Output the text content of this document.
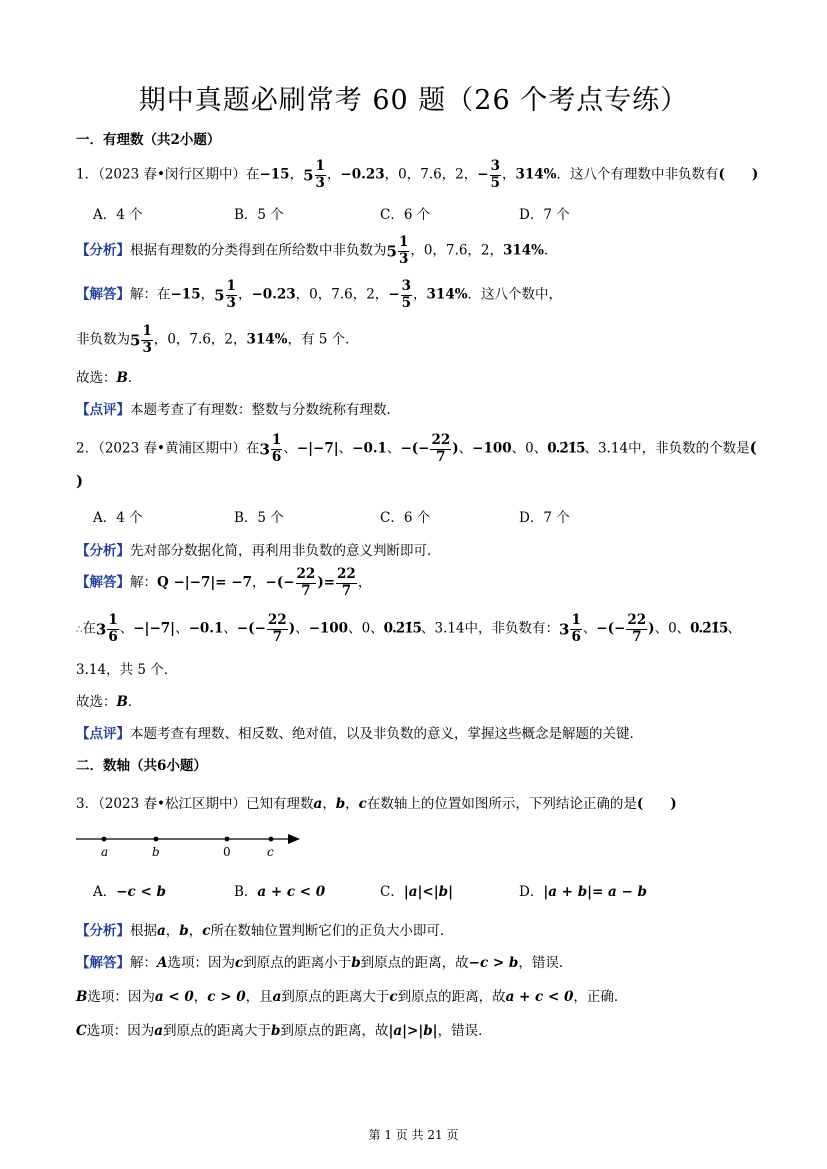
期中真题必刷常考 60 题（26 个考点专练）
一．有理数（共2小题）
1．（2023 春•闵行区期中）在−15，$5 \frac{1}{3}$ ，−0.23，0，7.6，2，− $\frac{3}{5}$ ，314%．这八个有理数中非负数有(　　)
A．4 个	B．5 个	C．6 个	D．7 个
【分析】根据有理数的分类得到在所给数中非负数为$5 \frac{1}{3}$ ，0，7.6，2，314%．
【解答】解：在−15，$5 \frac{1}{3}$ ，−0.23，0，7.6，2，− $\frac{3}{5}$ ，314%．这八个数中，
非负数为$5 \frac{1}{3}$ ，0，7.6，2，314%，有 5 个．
故选：B．
【点评】本题考查了有理数：整数与分数统称有理数．
2．（2023 春•黄浦区期中）在$3 \frac{1}{6}$ 、−|−7|、−0.1、−(− $\frac{22}{7}$ )、−100、0、0.2̇1̇5̇、3.14中，非负数的个数是(
)
A．4 个	B．5 个	C．6 个	D．7 个
【分析】先对部分数据化简，再利用非负数的意义判断即可．
【解答】解：Q −|−7|= −7，−(− $\frac{22}{7}$ )= $\frac{22}{7}$ ，
∴在$3 \frac{1}{6}$ 、−|−7|、−0.1、−(− $\frac{22}{7}$ )、−100、0、0.2̇1̇5̇、3.14中，非负数有：$3 \frac{1}{6}$ 、−(− $\frac{22}{7}$ )、0、0.2̇1̇5̇、
3.14，共 5 个．
故选：B．
【点评】本题考查有理数、相反数、绝对值，以及非负数的意义，掌握这些概念是解题的关键．
二．数轴（共6小题）
3．（2023 春•松江区期中）已知有理数a，b，c在数轴上的位置如图所示，下列结论正确的是(　　)
a	b	0	c
A．−c < b	B．a + c < 0	C．|a|<|b|	D．|a + b|= a − b
【分析】根据a，b，c所在数轴位置判断它们的正负大小即可．
【解答】解：A选项：因为c到原点的距离小于b到原点的距离，故−c > b，错误．
B选项：因为a < 0，c > 0，且a到原点的距离大于c到原点的距离，故a + c < 0，正确．
C选项：因为a到原点的距离大于b到原点的距离，故|a|>|b|，错误．
第 1 页 共 21 页
